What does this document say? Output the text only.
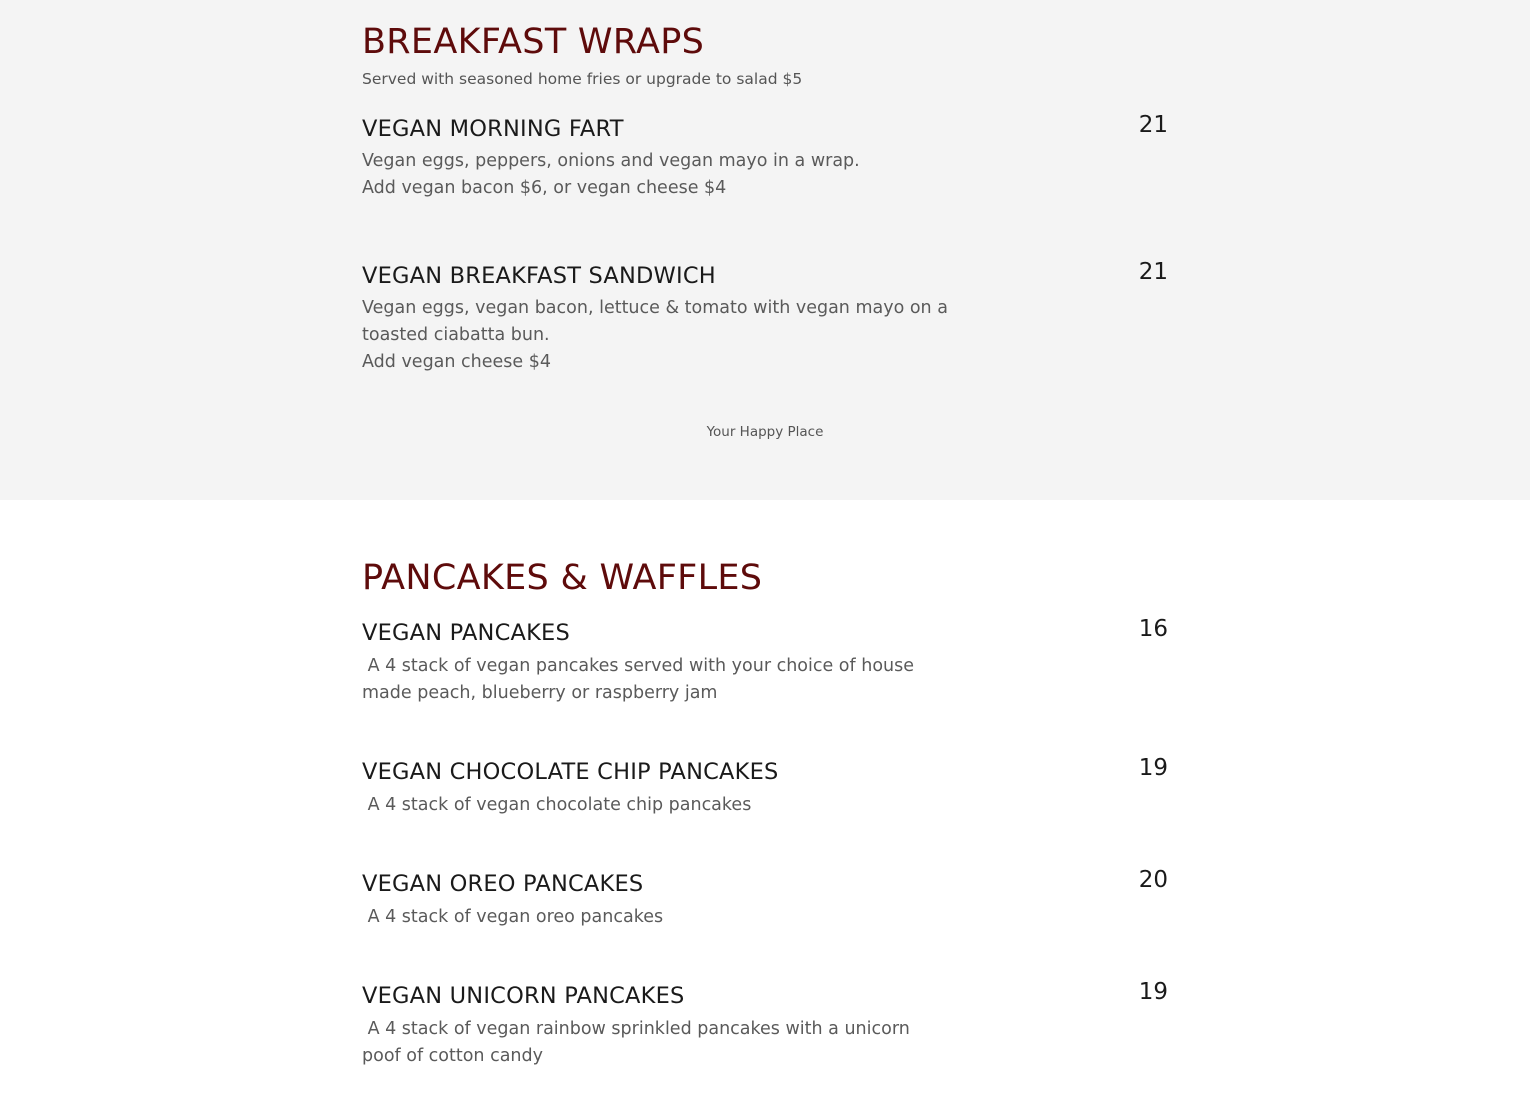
BREAKFAST WRAPS

Served with seasoned home fries or upgrade to salad $5

VEGAN MORNING FART	21

Vegan eggs, peppers, onions and vegan mayo in a wrap.
Add vegan bacon $6, or vegan cheese $4

VEGAN BREAKFAST SANDWICH	21

Vegan eggs, vegan bacon, lettuce & tomato with vegan mayo on a toasted ciabatta bun.
Add vegan cheese $4

Your Happy Place
PANCAKES & WAFFLES
VEGAN PANCAKES	16

A 4 stack of vegan pancakes served with your choice of house made peach, blueberry or raspberry jam

VEGAN CHOCOLATE CHIP PANCAKES	19

A 4 stack of vegan chocolate chip pancakes

VEGAN OREO PANCAKES	20

A 4 stack of vegan oreo pancakes

VEGAN UNICORN PANCAKES	19

A 4 stack of vegan rainbow sprinkled pancakes with a unicorn poof of cotton candy
